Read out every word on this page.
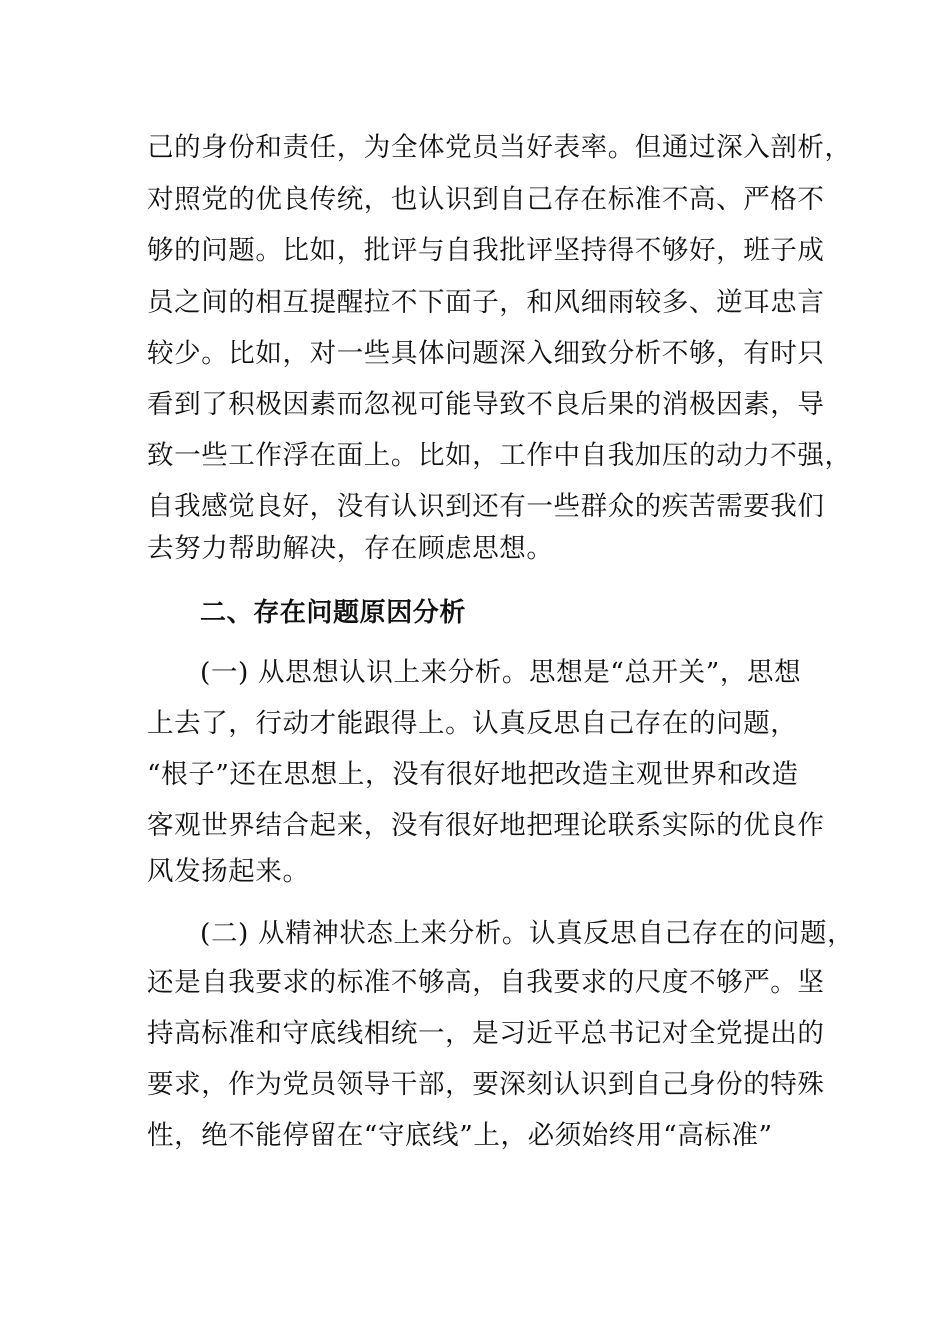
己的身份和责任，为全体党员当好表率。但通过深入剖析，
对照党的优良传统，也认识到自己存在标准不高、严格不
够的问题。比如，批评与自我批评坚持得不够好，班子成
员之间的相互提醒拉不下面子，和风细雨较多、逆耳忠言
较少。比如，对一些具体问题深入细致分析不够，有时只
看到了积极因素而忽视可能导致不良后果的消极因素，导
致一些工作浮在面上。比如，工作中自我加压的动力不强，
自我感觉良好，没有认识到还有一些群众的疾苦需要我们
去努力帮助解决，存在顾虑思想。
二、存在问题原因分析
(一) 从思想认识上来分析。思想是“总开关”，思想
上去了，行动才能跟得上。认真反思自己存在的问题，
“根子”还在思想上，没有很好地把改造主观世界和改造
客观世界结合起来，没有很好地把理论联系实际的优良作
风发扬起来。
(二) 从精神状态上来分析。认真反思自己存在的问题，
还是自我要求的标准不够高，自我要求的尺度不够严。坚
持高标准和守底线相统一，是习近平总书记对全党提出的
要求，作为党员领导干部，要深刻认识到自己身份的特殊
性，绝不能停留在“守底线”上，必须始终用“高标准”
